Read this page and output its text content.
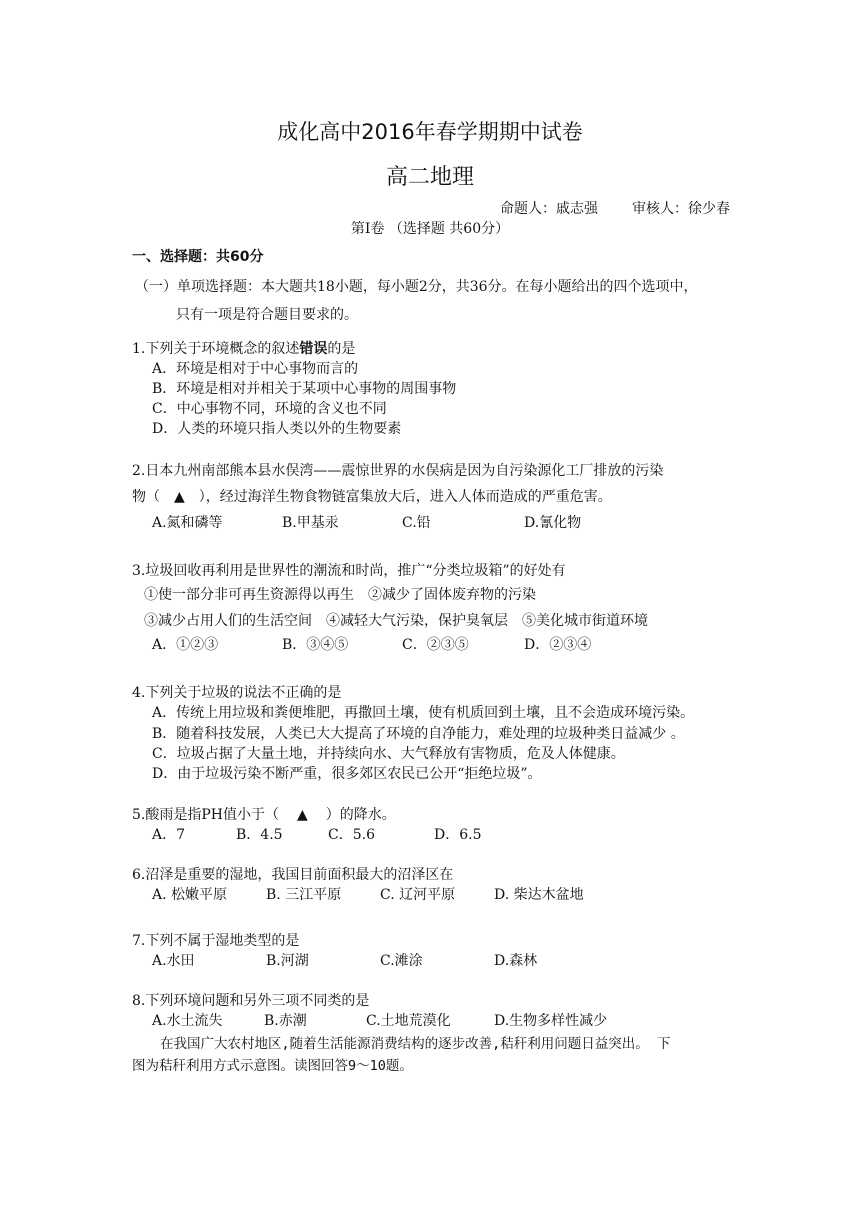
成化高中2016年春学期期中试卷
高二地理
命题人：戚志强 审核人：徐少春
第Ⅰ卷 （选择题 共60分）
一、选择题：共60分
（一）单项选择题：本大题共18小题，每小题2分，共36分。在每小题给出的四个选项中，
只有一项是符合题目要求的。
1.下列关于环境概念的叙述错误的是
A．环境是相对于中心事物而言的
B．环境是相对并相关于某项中心事物的周围事物
C．中心事物不同，环境的含义也不同
D．人类的环境只指人类以外的生物要素
2.日本九州南部熊本县水俣湾——震惊世界的水俣病是因为自污染源化工厂排放的污染
物（ ▲ ），经过海洋生物食物链富集放大后，进入人体而造成的严重危害。
A.氮和磷等	B.甲基汞	C.铅	D.氰化物
3.垃圾回收再利用是世界性的潮流和时尚，推广“分类垃圾箱”的好处有
①使一部分非可再生资源得以再生　②减少了固体废弃物的污染
③减少占用人们的生活空间　④减轻大气污染，保护臭氧层　⑤美化城市街道环境
A．①②③	B．③④⑤	C．②③⑤	D．②③④
4.下列关于垃圾的说法不正确的是
A．传统上用垃圾和粪便堆肥，再撒回土壤，使有机质回到土壤，且不会造成环境污染。
B．随着科技发展，人类已大大提高了环境的自净能力，难处理的垃圾种类日益减少 。
C．垃圾占据了大量土地，并持续向水、大气释放有害物质，危及人体健康。
D．由于垃圾污染不断严重，很多郊区农民已公开“拒绝垃圾”。
5.酸雨是指PH值小于（ ▲ ）的降水。
A．7	B．4.5	C．5.6	D．6.5
6.沼泽是重要的湿地，我国目前面积最大的沼泽区在
A. 松嫩平原	B. 三江平原	C. 辽河平原	D. 柴达木盆地
7.下列不属于湿地类型的是
A.水田	B.河湖	C.滩涂	D.森林
8.下列环境问题和另外三项不同类的是
A.水土流失	B.赤潮	C.土地荒漠化	D.生物多样性减少
在我国广大农村地区,随着生活能源消费结构的逐步改善,秸秆利用问题日益突出。 下
图为秸秆利用方式示意图。读图回答9～10题。
